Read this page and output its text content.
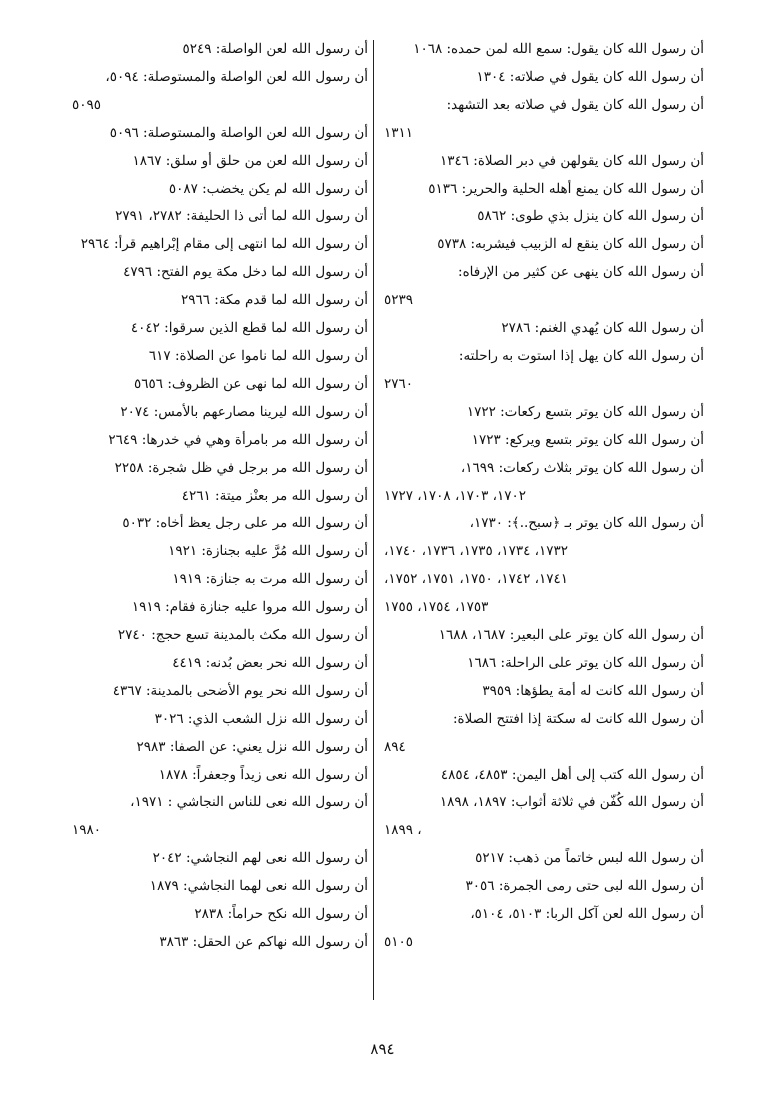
أن رسول الله كان يقول: سمع الله لمن حمده: ١٠٦٨
أن رسول الله كان يقول في صلاته: ١٣٠٤
أن رسول الله كان يقول في صلاته بعد التشهد:
١٣١١
أن رسول الله كان يقولهن في دبر الصلاة: ١٣٤٦
أن رسول الله كان يمنع أهله الحلية والحرير: ٥١٣٦
أن رسول الله كان ينزل بذي طوى: ٥٨٦٢
أن رسول الله كان ينقع له الزبيب فيشربه: ٥٧٣٨
أن رسول الله كان ينهى عن كثير من الإرفاه:
٥٢٣٩
أن رسول الله كان يُهدي الغنم: ٢٧٨٦
أن رسول الله كان يهل إذا استوت به راحلته:
٢٧٦٠
أن رسول الله كان يوتر بتسع ركعات: ١٧٢٢
أن رسول الله كان يوتر بتسع ويركع: ١٧٢٣
أن رسول الله كان يوتر بثلاث ركعات: ١٦٩٩،
١٧٠٢، ١٧٠٣، ١٧٠٨، ١٧٢٧
أن رسول الله كان يوتر بـ ﴿سبح..﴾: ١٧٣٠،
١٧٣٢، ١٧٣٤، ١٧٣٥، ١٧٣٦، ١٧٤٠،
١٧٤١، ١٧٤٢، ١٧٥٠، ١٧٥١، ١٧٥٢،
١٧٥٣، ١٧٥٤، ١٧٥٥
أن رسول الله كان يوتر على البعير: ١٦٨٧، ١٦٨٨
أن رسول الله كان يوتر على الراحلة: ١٦٨٦
أن رسول الله كانت له أمة يطؤها: ٣٩٥٩
أن رسول الله كانت له سكتة إذا افتتح الصلاة:
٨٩٤
أن رسول الله كتب إلى أهل اليمن: ٤٨٥٣، ٤٨٥٤
أن رسول الله كُفّن في ثلاثة أثواب: ١٨٩٧، ١٨٩٨
، ١٨٩٩
أن رسول الله لبس خاتماً من ذهب: ٥٢١٧
أن رسول الله لبى حتى رمى الجمرة: ٣٠٥٦
أن رسول الله لعن آكل الربا: ٥١٠٣، ٥١٠٤،
٥١٠٥
أن رسول الله لعن الواصلة: ٥٢٤٩
أن رسول الله لعن الواصلة والمستوصلة: ٥٠٩٤،
٥٠٩٥
أن رسول الله لعن الواصلة والمستوصلة: ٥٠٩٦
أن رسول الله لعن من حلق أو سلق: ١٨٦٧
أن رسول الله لم يكن يخضب: ٥٠٨٧
أن رسول الله لما أتى ذا الحليفة: ٢٧٨٢، ٢٧٩١
أن رسول الله لما انتهى إلى مقام إبْراهيم قرأ: ٢٩٦٤
أن رسول الله لما دخل مكة يوم الفتح: ٤٧٩٦
أن رسول الله لما قدم مكة: ٢٩٦٦
أن رسول الله لما قطع الذين سرقوا: ٤٠٤٢
أن رسول الله لما ناموا عن الصلاة: ٦١٧
أن رسول الله لما نهى عن الظروف: ٥٦٥٦
أن رسول الله ليرينا مصارعهم بالأمس: ٢٠٧٤
أن رسول الله مر بامرأة وهي في خدرها: ٢٦٤٩
أن رسول الله مر برجل في ظل شجرة: ٢٢٥٨
أن رسول الله مر بعنْز ميتة: ٤٢٦١
أن رسول الله مر على رجل يعظ أخاه: ٥٠٣٢
أن رسول الله مُرَّ عليه بجنازة: ١٩٢١
أن رسول الله مرت به جنازة: ١٩١٩
أن رسول الله مروا عليه جنازة فقام: ١٩١٩
أن رسول الله مكث بالمدينة تسع حجج: ٢٧٤٠
أن رسول الله نحر بعض بُدنه: ٤٤١٩
أن رسول الله نحر يوم الأضحى بالمدينة: ٤٣٦٧
أن رسول الله نزل الشعب الذي: ٣٠٢٦
أن رسول الله نزل يعني: عن الصفا: ٢٩٨٣
أن رسول الله نعى زيداً وجعفراً: ١٨٧٨
أن رسول الله نعى للناس النجاشي : ١٩٧١،
١٩٨٠
أن رسول الله نعى لهم النجاشي: ٢٠٤٢
أن رسول الله نعى لهما النجاشي: ١٨٧٩
أن رسول الله نكح حراماً: ٢٨٣٨
أن رسول الله نهاكم عن الحقل: ٣٨٦٣
٨٩٤
